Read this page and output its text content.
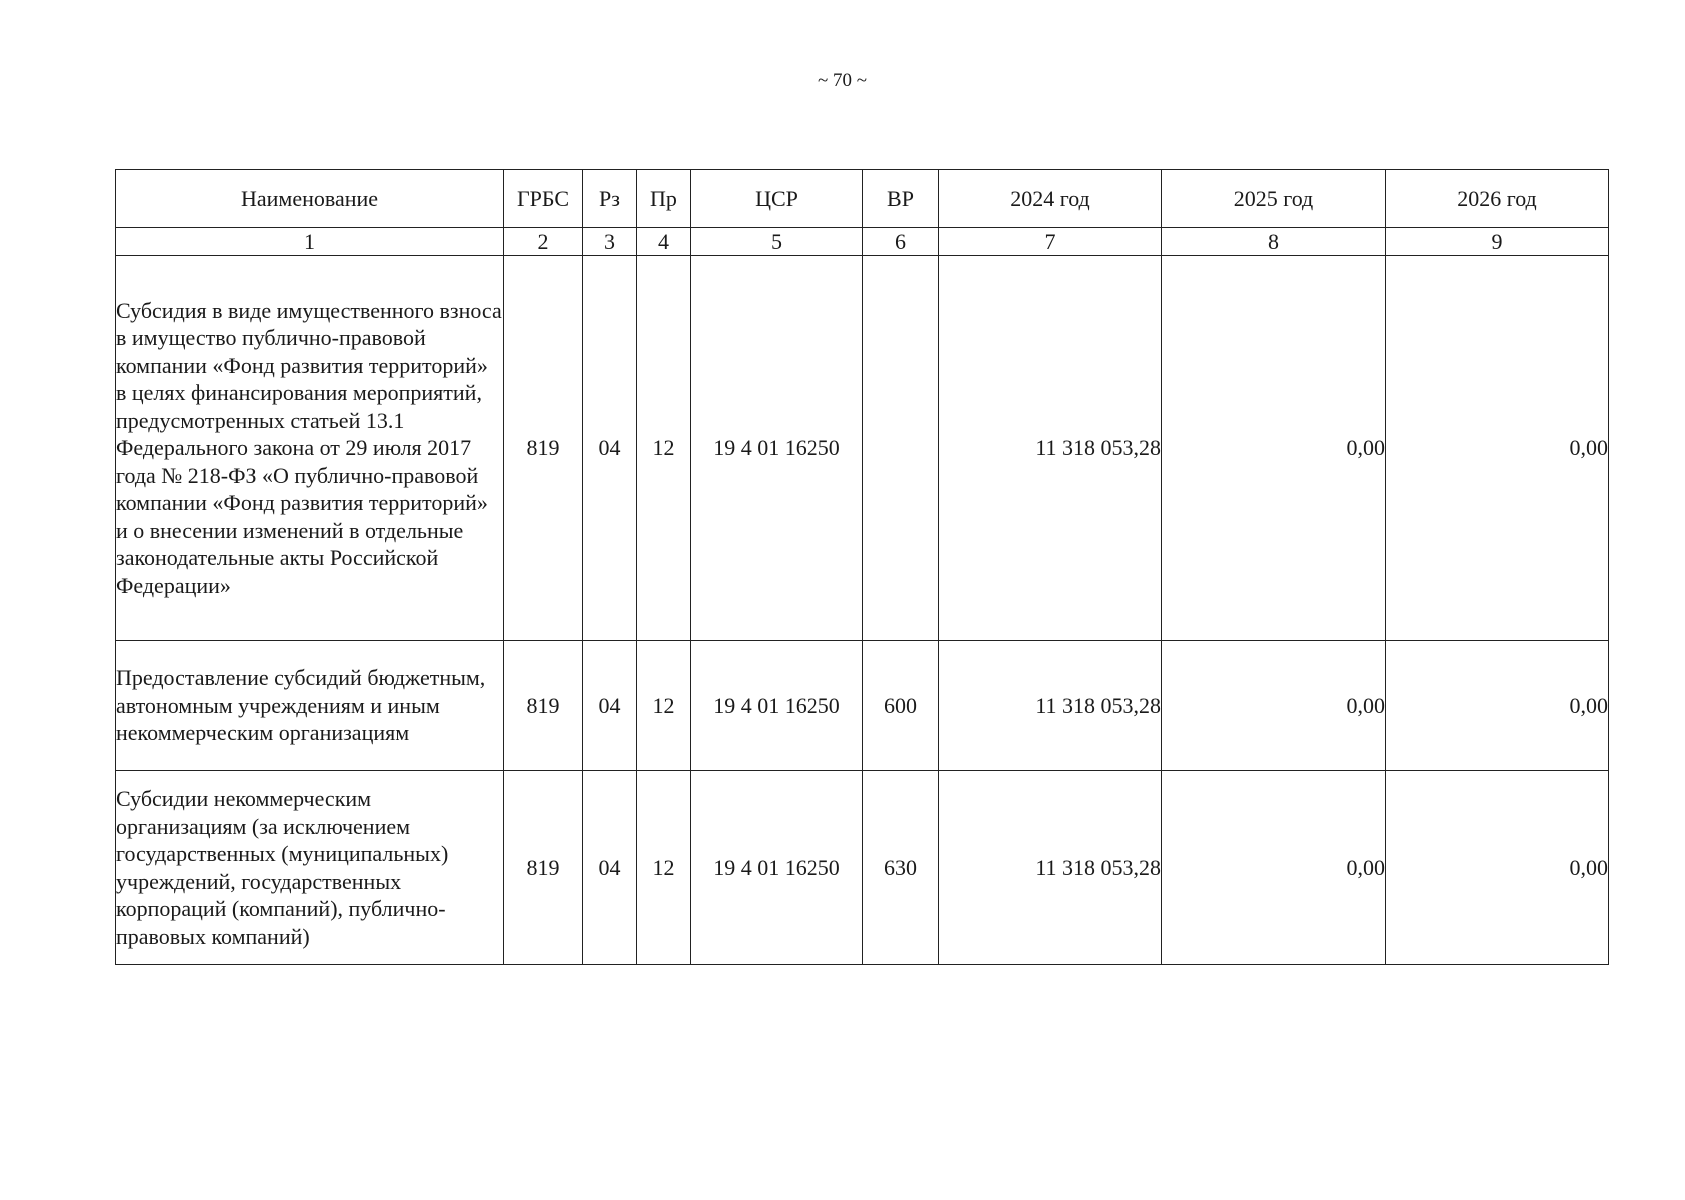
~ 70 ~
Наименование	ГРБС	Рз	Пр	ЦСР	ВР	2024 год	2025 год	2026 год
1	2	3	4	5	6	7	8	9
Субсидия в виде имущественного взноса в имущество публично-правовой компании «Фонд развития территорий» в целях финансирования мероприятий, предусмотренных статьей 13.1 Федерального закона от 29 июля 2017 года № 218-ФЗ «О публично-правовой компании «Фонд развития территорий» и о внесении изменений в отдельные законодательные акты Российской Федерации»	819	04	12	19 4 01 16250		11 318 053,28	0,00	0,00
Предоставление субсидий бюджетным, автономным учреждениям и иным некоммерческим организациям	819	04	12	19 4 01 16250	600	11 318 053,28	0,00	0,00
Субсидии некоммерческим организациям (за исключением государственных (муниципальных) учреждений, государственных корпораций (компаний), публично-правовых компаний)	819	04	12	19 4 01 16250	630	11 318 053,28	0,00	0,00
